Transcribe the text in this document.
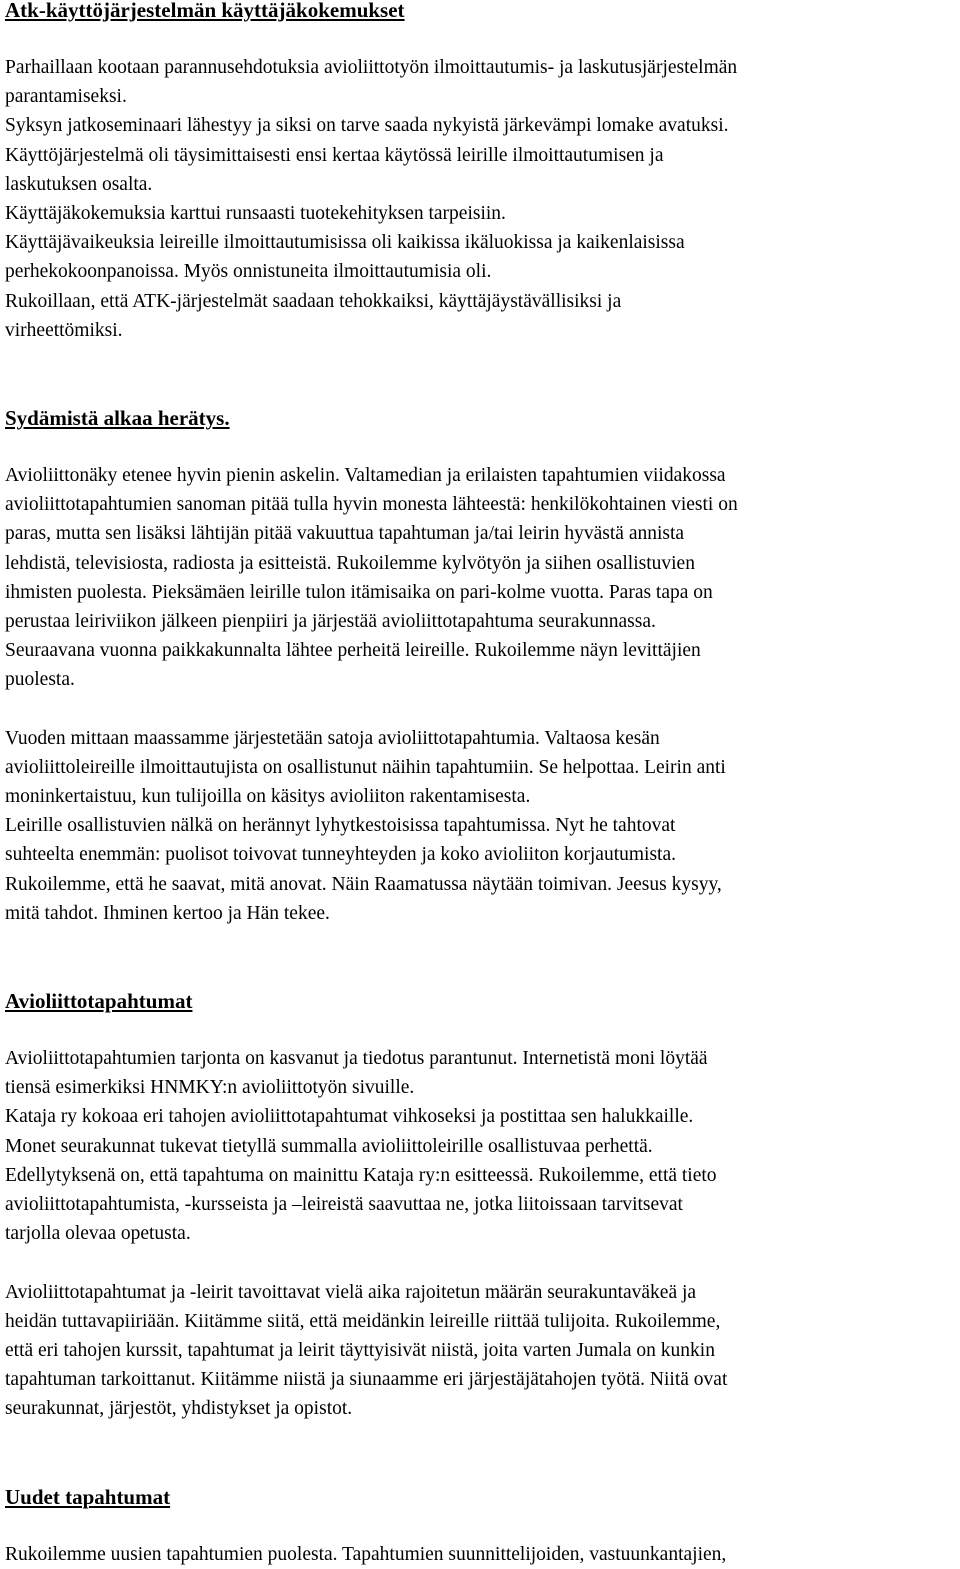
Atk-käyttöjärjestelmän käyttäjäkokemukset
Parhaillaan kootaan parannusehdotuksia avioliittotyön ilmoittautumis- ja laskutusjärjestelmän
parantamiseksi.
Syksyn jatkoseminaari lähestyy ja siksi on tarve saada nykyistä järkevämpi lomake avatuksi.
Käyttöjärjestelmä oli täysimittaisesti ensi kertaa käytössä leirille ilmoittautumisen ja
laskutuksen osalta.
Käyttäjäkokemuksia karttui runsaasti tuotekehityksen tarpeisiin.
Käyttäjävaikeuksia leireille ilmoittautumisissa oli kaikissa ikäluokissa ja kaikenlaisissa
perhekokoonpanoissa. Myös onnistuneita ilmoittautumisia oli.
Rukoillaan, että ATK-järjestelmät saadaan tehokkaiksi, käyttäjäystävällisiksi ja
virheettömiksi.
Sydämistä alkaa herätys.
Avioliittonäky etenee hyvin pienin askelin. Valtamedian ja erilaisten tapahtumien viidakossa
avioliittotapahtumien sanoman pitää tulla hyvin monesta lähteestä: henkilökohtainen viesti on
paras, mutta sen lisäksi lähtijän pitää vakuuttua tapahtuman ja/tai leirin hyvästä annista
lehdistä, televisiosta, radiosta ja esitteistä. Rukoilemme kylvötyön ja siihen osallistuvien
ihmisten puolesta. Pieksämäen leirille tulon itämisaika on pari-kolme vuotta. Paras tapa on
perustaa leiriviikon jälkeen pienpiiri ja järjestää avioliittotapahtuma seurakunnassa.
Seuraavana vuonna paikkakunnalta lähtee perheitä leireille. Rukoilemme näyn levittäjien
puolesta.
Vuoden mittaan maassamme järjestetään satoja avioliittotapahtumia. Valtaosa kesän
avioliittoleireille ilmoittautujista on osallistunut näihin tapahtumiin. Se helpottaa. Leirin anti
moninkertaistuu, kun tulijoilla on käsitys avioliiton rakentamisesta.
Leirille osallistuvien nälkä on herännyt lyhytkestoisissa tapahtumissa. Nyt he tahtovat
suhteelta enemmän: puolisot toivovat tunneyhteyden ja koko avioliiton korjautumista.
Rukoilemme, että he saavat, mitä anovat. Näin Raamatussa näytään toimivan. Jeesus kysyy,
mitä tahdot. Ihminen kertoo ja Hän tekee.
Avioliittotapahtumat
Avioliittotapahtumien tarjonta on kasvanut ja tiedotus parantunut. Internetistä moni löytää
tiensä esimerkiksi HNMKY:n avioliittotyön sivuille.
Kataja ry kokoaa eri tahojen avioliittotapahtumat vihkoseksi ja postittaa sen halukkaille.
Monet seurakunnat tukevat tietyllä summalla avioliittoleirille osallistuvaa perhettä.
Edellytyksenä on, että tapahtuma on mainittu Kataja ry:n esitteessä. Rukoilemme, että tieto
avioliittotapahtumista, -kursseista ja –leireistä saavuttaa ne, jotka liitoissaan tarvitsevat
tarjolla olevaa opetusta.
Avioliittotapahtumat ja -leirit tavoittavat vielä aika rajoitetun määrän seurakuntaväkeä ja
heidän tuttavapiiriään. Kiitämme siitä, että meidänkin leireille riittää tulijoita. Rukoilemme,
että eri tahojen kurssit, tapahtumat ja leirit täyttyisivät niistä, joita varten Jumala on kunkin
tapahtuman tarkoittanut. Kiitämme niistä ja siunaamme eri järjestäjätahojen työtä. Niitä ovat
seurakunnat, järjestöt, yhdistykset ja opistot.
Uudet tapahtumat
Rukoilemme uusien tapahtumien puolesta. Tapahtumien suunnittelijoiden, vastuunkantajien,
